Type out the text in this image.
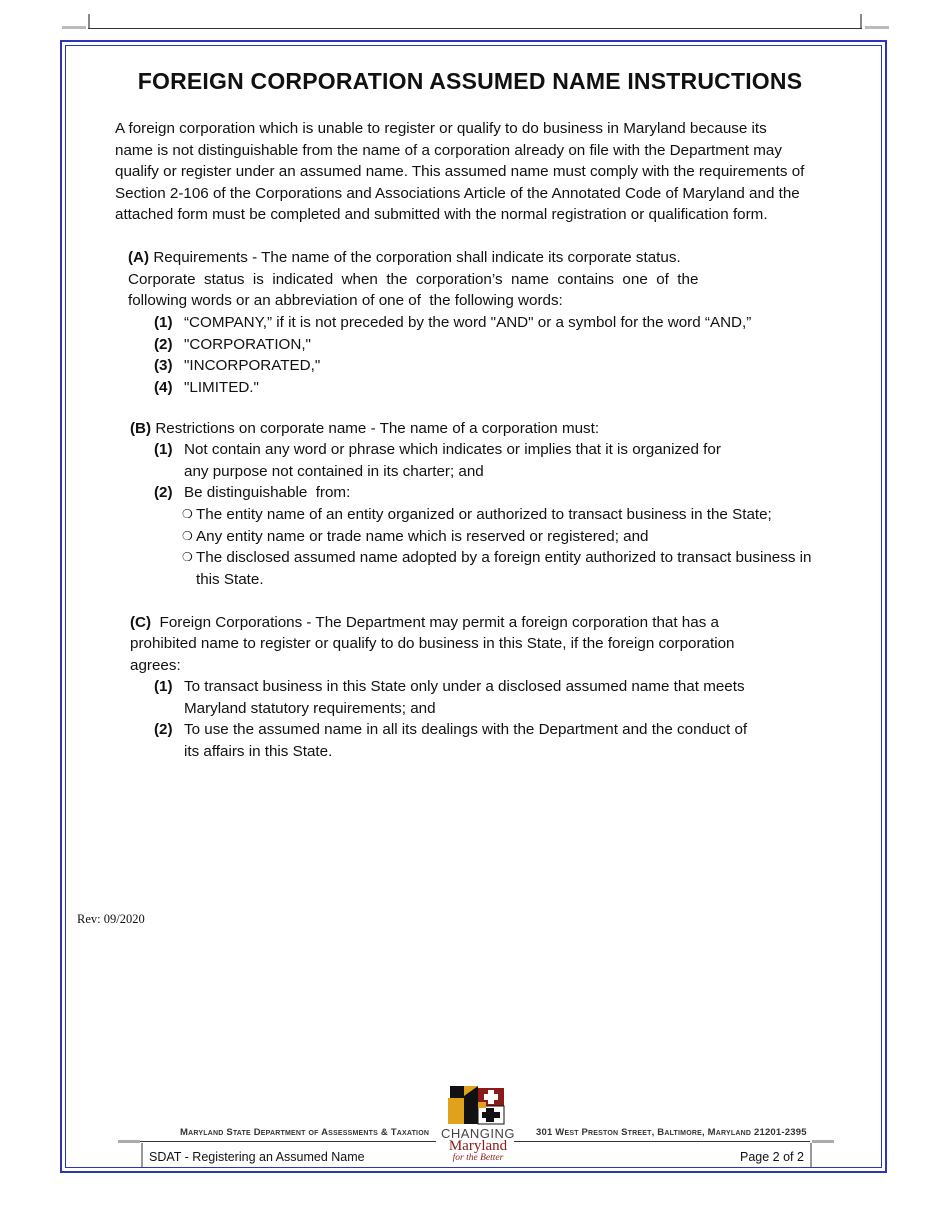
FOREIGN CORPORATION ASSUMED NAME INSTRUCTIONS
A foreign corporation which is unable to register or qualify to do business in Maryland because its
name is not distinguishable from the name of a corporation already on file with the Department may
qualify or register under an assumed name. This assumed name must comply with the requirements of
Section 2-106 of the Corporations and Associations Article of the Annotated Code of Maryland and the
attached form must be completed and submitted with the normal registration or qualification form.
(A) Requirements - The name of the corporation shall indicate its corporate status.
Corporate  status  is  indicated  when  the  corporation’s  name  contains  one  of  the
following words or an abbreviation of one of  the following words:
(1) “COMPANY,” if it is not preceded by the word "AND" or a symbol for the word “AND,”
(2) "CORPORATION,"
(3) "INCORPORATED,"
(4) "LIMITED."
(B) Restrictions on corporate name - The name of a corporation must:
(1) Not contain any word or phrase which indicates or implies that it is organized for
any purpose not contained in its charter; and
(2) Be distinguishable  from:
❍ The entity name of an entity organized or authorized to transact business in the State;
❍ Any entity name or trade name which is reserved or registered; and
❍ The disclosed assumed name adopted by a foreign entity authorized to transact business in
this State.
(C) Foreign Corporations - The Department may permit a foreign corporation that has a
prohibited name to register or qualify to do business in this State, if the foreign corporation
agrees:
(1) To transact business in this State only under a disclosed assumed name that meets
Maryland statutory requirements; and
(2) To use the assumed name in all its dealings with the Department and the conduct of
its affairs in this State.
Rev: 09/2020
Maryland State Department of Assessments & Taxation	301 West Preston Street, Baltimore, Maryland 21201-2395
SDAT - Registering an Assumed Name	Page 2 of 2
CHANGING
Maryland
for the Better
